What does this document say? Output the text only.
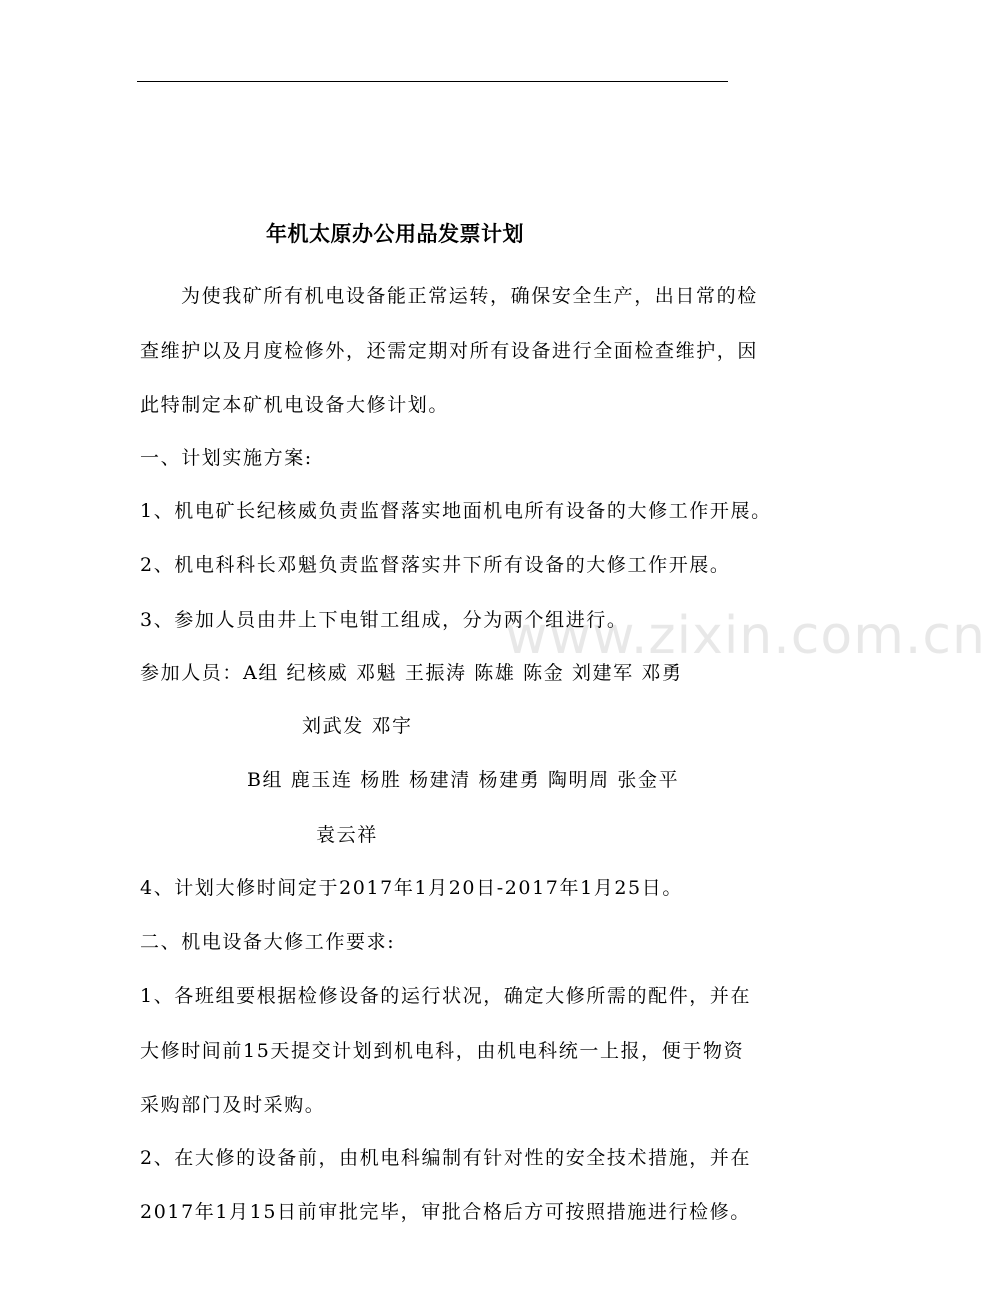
年机太原办公用品发票计划
为使我矿所有机电设备能正常运转，确保安全生产，出日常的检
查维护以及月度检修外，还需定期对所有设备进行全面检查维护，因
此特制定本矿机电设备大修计划。
一、计划实施方案:
1、机电矿长纪核威负责监督落实地面机电所有设备的大修工作开展。
2、机电科科长邓魁负责监督落实井下所有设备的大修工作开展。
3、参加人员由井上下电钳工组成，分为两个组进行。
参加人员：A组 纪核威 邓魁 王振涛 陈雄 陈金 刘建军 邓勇
刘武发 邓宇
B组 鹿玉连 杨胜 杨建清 杨建勇 陶明周 张金平
袁云祥
4、计划大修时间定于2017年1月20日-2017年1月25日。
二、机电设备大修工作要求:
1、各班组要根据检修设备的运行状况，确定大修所需的配件，并在
大修时间前15天提交计划到机电科，由机电科统一上报，便于物资
采购部门及时采购。
2、在大修的设备前，由机电科编制有针对性的安全技术措施，并在
2017年1月15日前审批完毕，审批合格后方可按照措施进行检修。
www.zixin.com.cn
